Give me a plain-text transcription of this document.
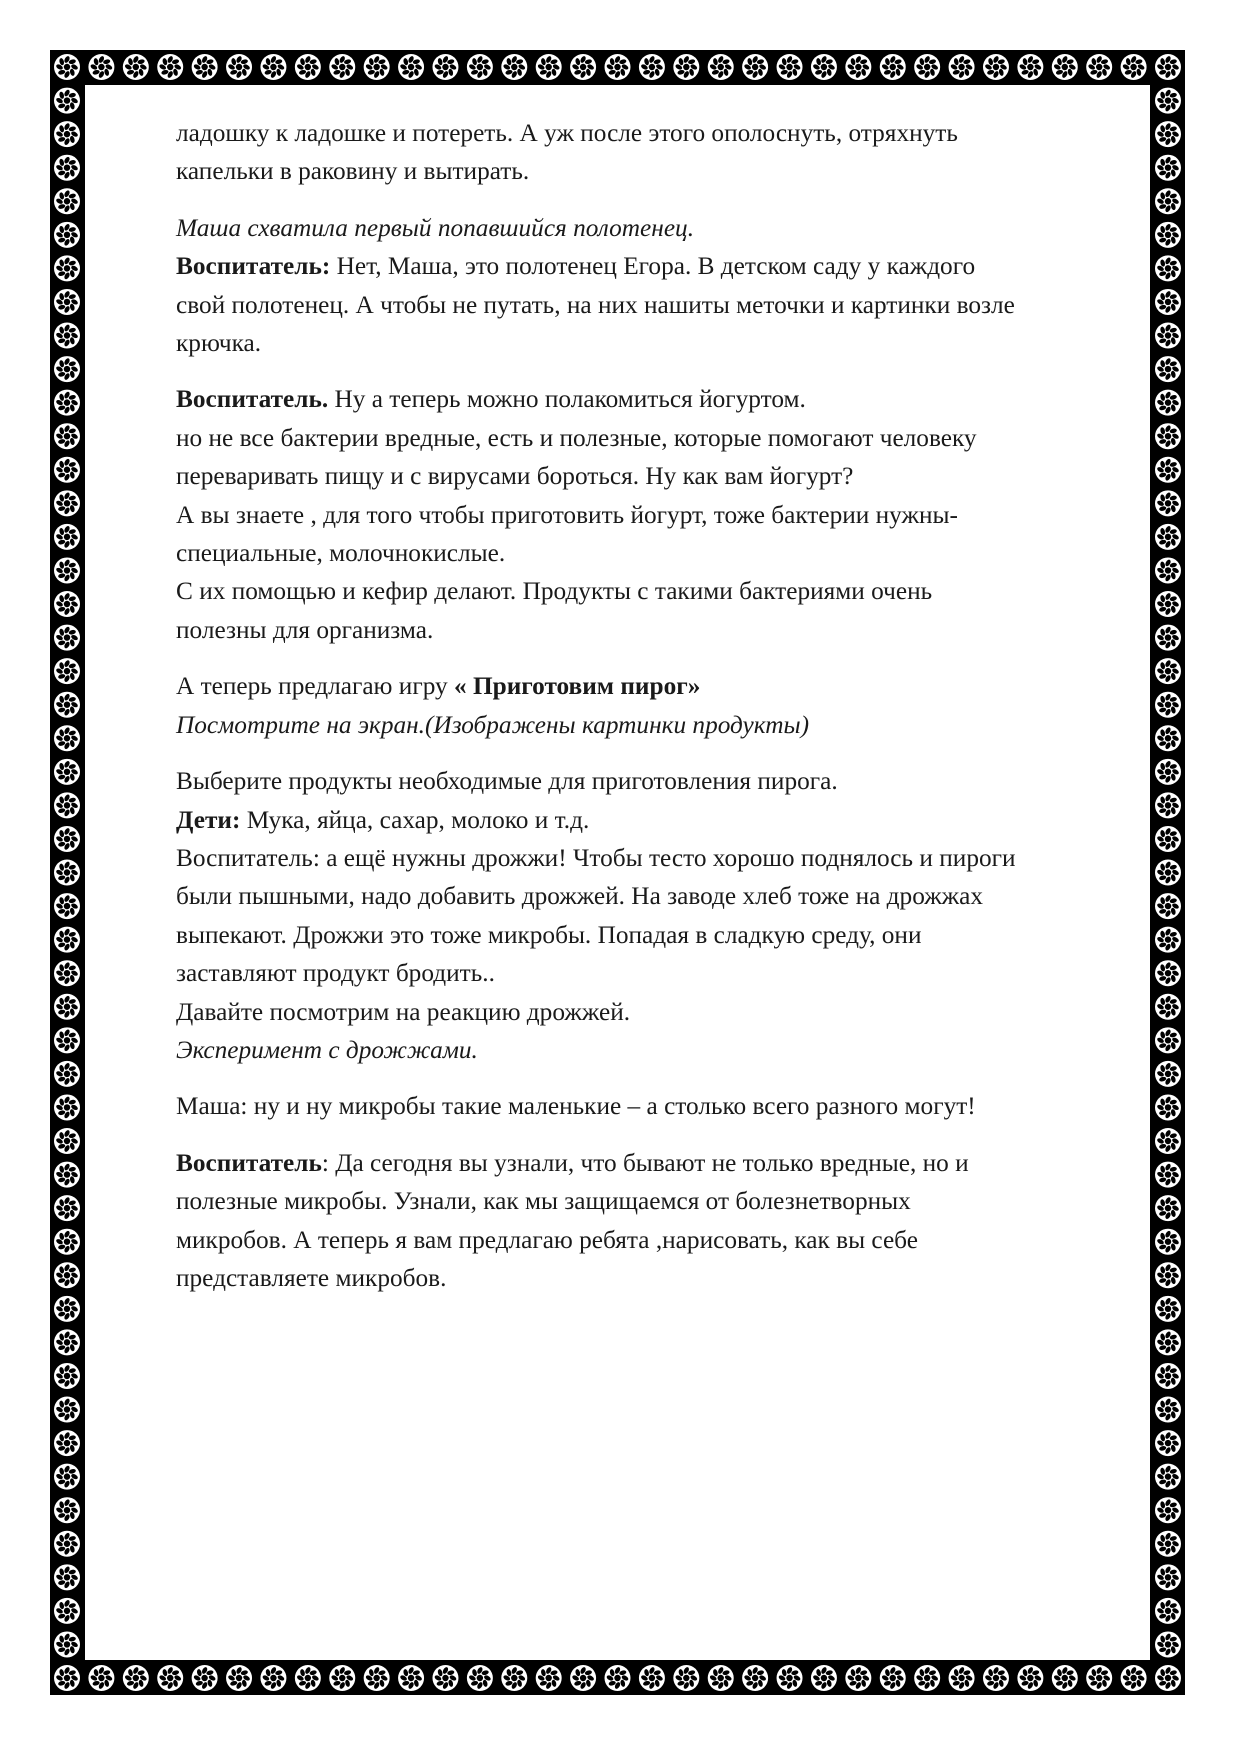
ладошку к ладошке и потереть. А уж после этого ополоснуть, отряхнуть
капельки в раковину и вытирать.

Маша схватила первый попавшийся полотенец.
Воспитатель: Нет, Маша, это полотенец Егора. В детском саду у каждого
свой полотенец. А чтобы не путать, на них нашиты меточки и картинки возле
крючка.

Воспитатель. Ну а теперь можно полакомиться йогуртом.
но не все бактерии вредные, есть и полезные, которые помогают человеку
переваривать пищу и с вирусами бороться. Ну как вам йогурт?
А вы знаете , для того чтобы приготовить йогурт, тоже бактерии нужны-
специальные, молочнокислые.
С их помощью и кефир делают. Продукты с такими бактериями очень
полезны для организма.

А теперь предлагаю игру « Приготовим пирог»
Посмотрите на экран.(Изображены картинки продукты)

Выберите продукты необходимые для приготовления пирога.
Дети: Мука, яйца, сахар, молоко и т.д.
Воспитатель: а ещё нужны дрожжи! Чтобы тесто хорошо поднялось и пироги
были пышными, надо добавить дрожжей. На заводе хлеб тоже на дрожжах
выпекают. Дрожжи это тоже микробы. Попадая в сладкую среду, они
заставляют продукт бродить..
Давайте посмотрим на реакцию дрожжей.
Эксперимент с дрожжами.

Маша: ну и ну микробы такие маленькие – а столько всего разного могут!

Воспитатель: Да сегодня вы узнали, что бывают не только вредные, но и
полезные микробы. Узнали, как мы защищаемся от болезнетворных
микробов. А теперь я вам предлагаю ребята ,нарисовать, как вы себе
представляете микробов.
